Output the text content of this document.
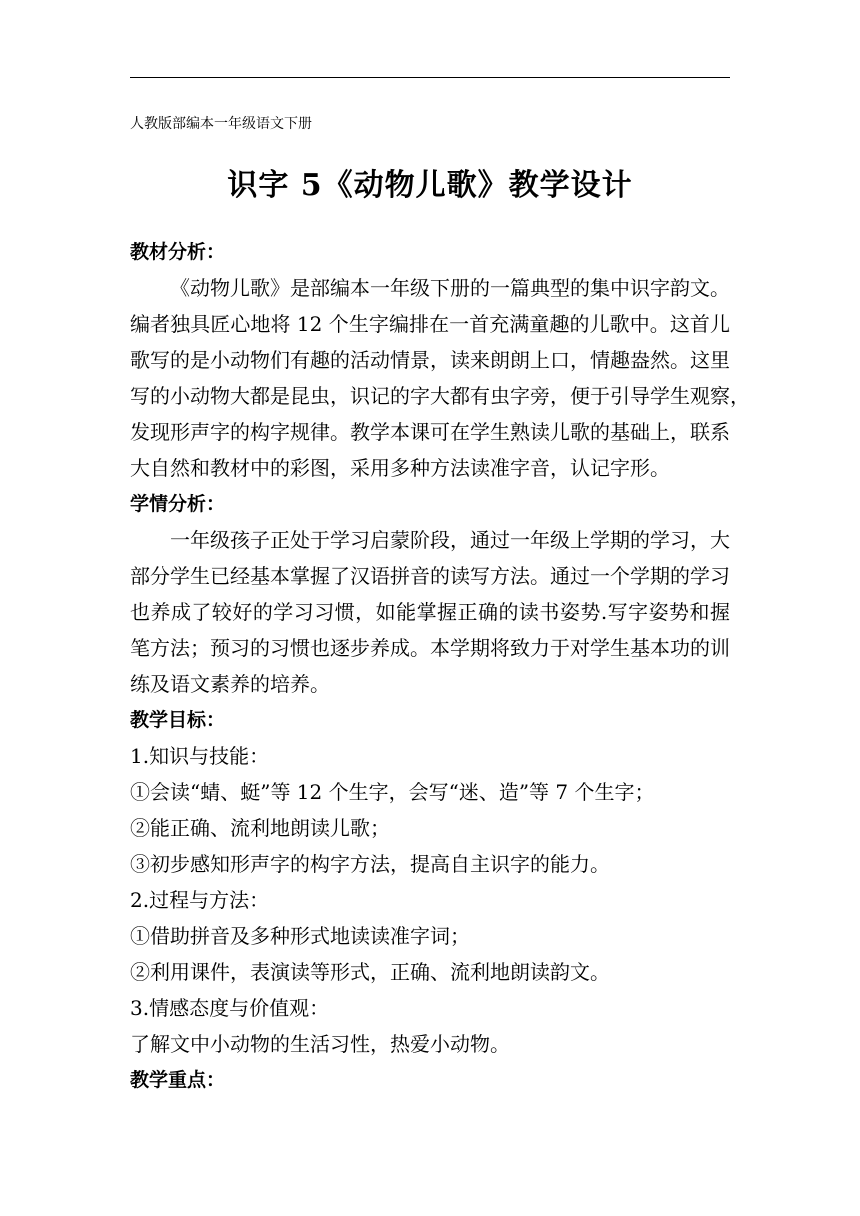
人教版部编本一年级语文下册
识字 5《动物儿歌》教学设计
教材分析：
《动物儿歌》是部编本一年级下册的一篇典型的集中识字韵文。
编者独具匠心地将 12 个生字编排在一首充满童趣的儿歌中。这首儿
歌写的是小动物们有趣的活动情景，读来朗朗上口，情趣盎然。这里
写的小动物大都是昆虫，识记的字大都有虫字旁，便于引导学生观察，
发现形声字的构字规律。教学本课可在学生熟读儿歌的基础上，联系
大自然和教材中的彩图，采用多种方法读准字音，认记字形。
学情分析：
一年级孩子正处于学习启蒙阶段，通过一年级上学期的学习，大
部分学生已经基本掌握了汉语拼音的读写方法。通过一个学期的学习
也养成了较好的学习习惯，如能掌握正确的读书姿势.写字姿势和握
笔方法；预习的习惯也逐步养成。本学期将致力于对学生基本功的训
练及语文素养的培养。
教学目标：
1.知识与技能：
①会读“蜻、蜓”等 12 个生字，会写“迷、造”等 7 个生字；
②能正确、流利地朗读儿歌；
③初步感知形声字的构字方法，提高自主识字的能力。
2.过程与方法：
①借助拼音及多种形式地读读准字词；
②利用课件，表演读等形式，正确、流利地朗读韵文。
3.情感态度与价值观：
了解文中小动物的生活习性，热爱小动物。
教学重点：
